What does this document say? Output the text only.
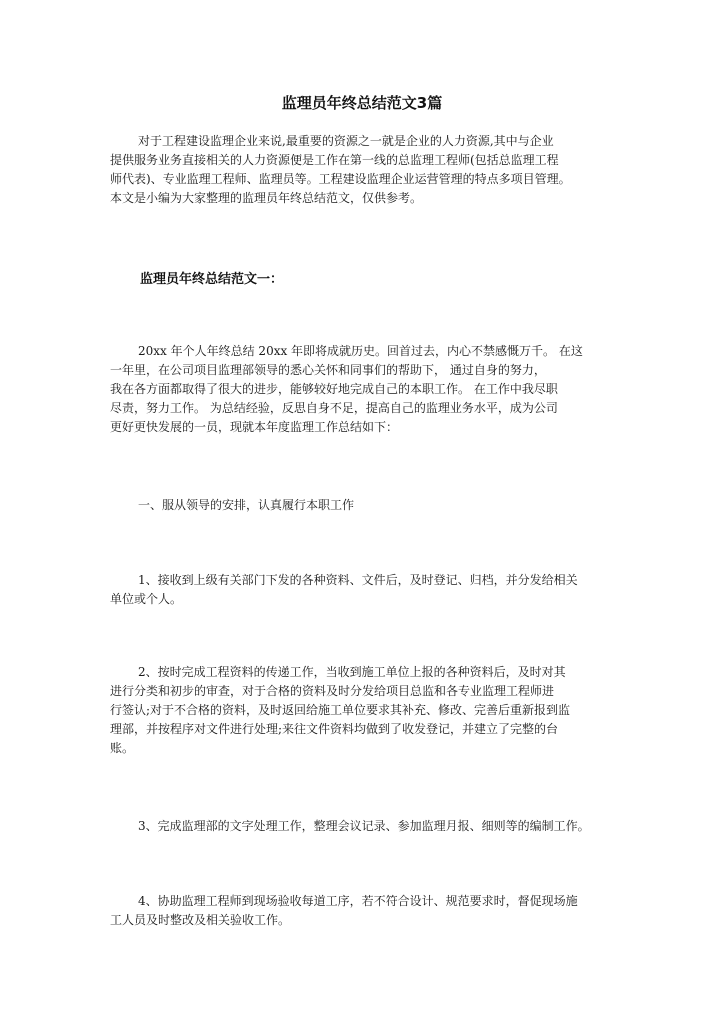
监理员年终总结范文3篇
对于工程建设监理企业来说,最重要的资源之一就是企业的人力资源,其中与企业
提供服务业务直接相关的人力资源便是工作在第一线的总监理工程师(包括总监理工程
师代表)、专业监理工程师、监理员等。工程建设监理企业运营管理的特点多项目管理。
本文是小编为大家整理的监理员年终总结范文，仅供参考。
监理员年终总结范文一：
20xx 年个人年终总结 20xx 年即将成就历史。回首过去，内心不禁感慨万千。 在这
一年里，在公司项目监理部领导的悉心关怀和同事们的帮助下， 通过自身的努力，
我在各方面都取得了很大的进步，能够较好地完成自己的本职工作。 在工作中我尽职
尽责，努力工作。 为总结经验，反思自身不足，提高自己的监理业务水平，成为公司
更好更快发展的一员，现就本年度监理工作总结如下：
一、服从领导的安排，认真履行本职工作
1、接收到上级有关部门下发的各种资料、文件后，及时登记、归档，并分发给相关
单位或个人。
2、按时完成工程资料的传递工作，当收到施工单位上报的各种资料后，及时对其
进行分类和初步的审查，对于合格的资料及时分发给项目总监和各专业监理工程师进
行签认;对于不合格的资料，及时返回给施工单位要求其补充、修改、完善后重新报到监
理部，并按程序对文件进行处理;来往文件资料均做到了收发登记，并建立了完整的台
账。
3、完成监理部的文字处理工作，整理会议记录、参加监理月报、细则等的编制工作。
4、协助监理工程师到现场验收每道工序，若不符合设计、规范要求时，督促现场施
工人员及时整改及相关验收工作。
